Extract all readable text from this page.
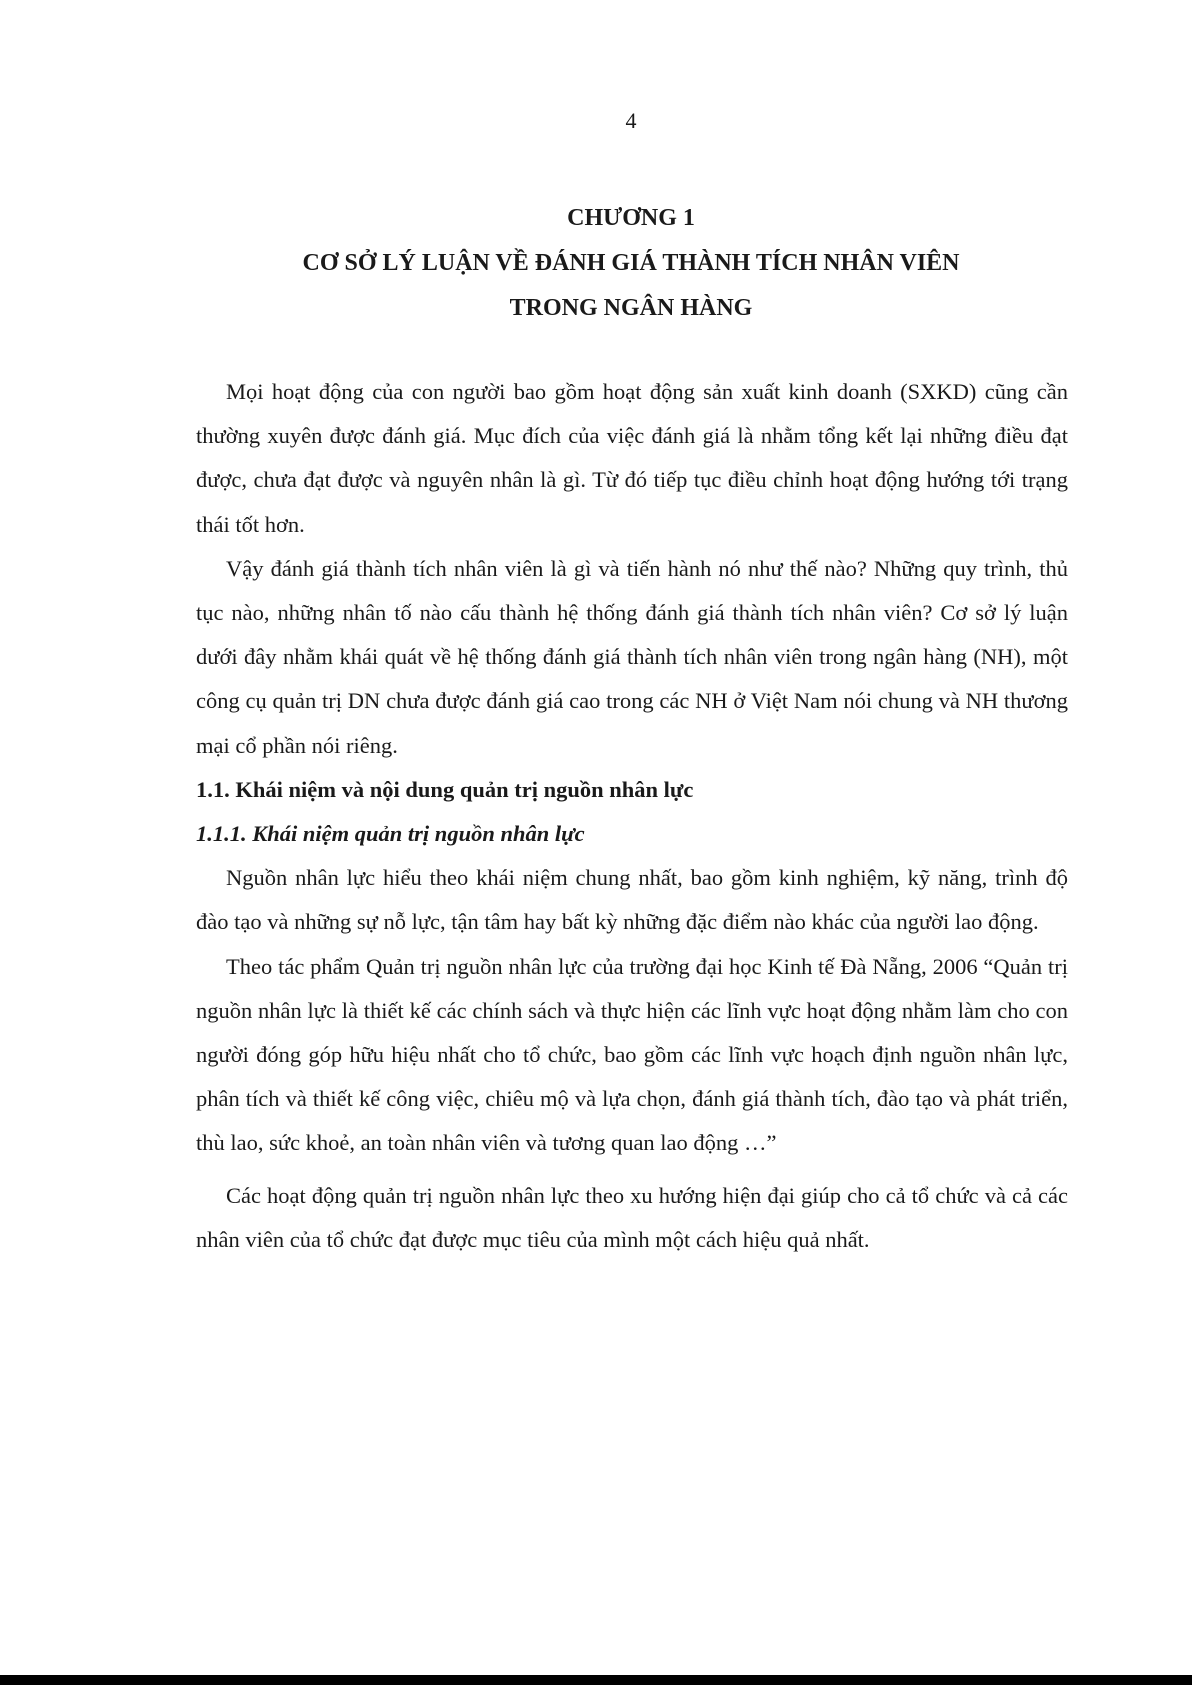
4
CHƯƠNG 1
CƠ SỞ LÝ LUẬN VỀ ĐÁNH GIÁ THÀNH TÍCH NHÂN VIÊN
TRONG NGÂN HÀNG

Mọi hoạt động của con người bao gồm hoạt động sản xuất kinh doanh (SXKD) cũng cần thường xuyên được đánh giá. Mục đích của việc đánh giá là nhằm tổng kết lại những điều đạt được, chưa đạt được và nguyên nhân là gì. Từ đó tiếp tục điều chỉnh hoạt động hướng tới trạng thái tốt hơn.

Vậy đánh giá thành tích nhân viên là gì và tiến hành nó như thế nào? Những quy trình, thủ tục nào, những nhân tố nào cấu thành hệ thống đánh giá thành tích nhân viên? Cơ sở lý luận dưới đây nhằm khái quát về hệ thống đánh giá thành tích nhân viên trong ngân hàng (NH), một công cụ quản trị DN chưa được đánh giá cao trong các NH ở Việt Nam nói chung và NH thương mại cổ phần nói riêng.

1.1. Khái niệm và nội dung quản trị nguồn nhân lực
1.1.1. Khái niệm quản trị nguồn nhân lực

Nguồn nhân lực hiểu theo khái niệm chung nhất, bao gồm kinh nghiệm, kỹ năng, trình độ đào tạo và những sự nỗ lực, tận tâm hay bất kỳ những đặc điểm nào khác của người lao động.

Theo tác phẩm Quản trị nguồn nhân lực của trường đại học Kinh tế Đà Nẵng, 2006 “Quản trị nguồn nhân lực là thiết kế các chính sách và thực hiện các lĩnh vực hoạt động nhằm làm cho con người đóng góp hữu hiệu nhất cho tổ chức, bao gồm các lĩnh vực hoạch định nguồn nhân lực, phân tích và thiết kế công việc, chiêu mộ và lựa chọn, đánh giá thành tích, đào tạo và phát triển, thù lao, sức khoẻ, an toàn nhân viên và tương quan lao động …”

Các hoạt động quản trị nguồn nhân lực theo xu hướng hiện đại giúp cho cả tổ chức và cả các nhân viên của tổ chức đạt được mục tiêu của mình một cách hiệu quả nhất.
